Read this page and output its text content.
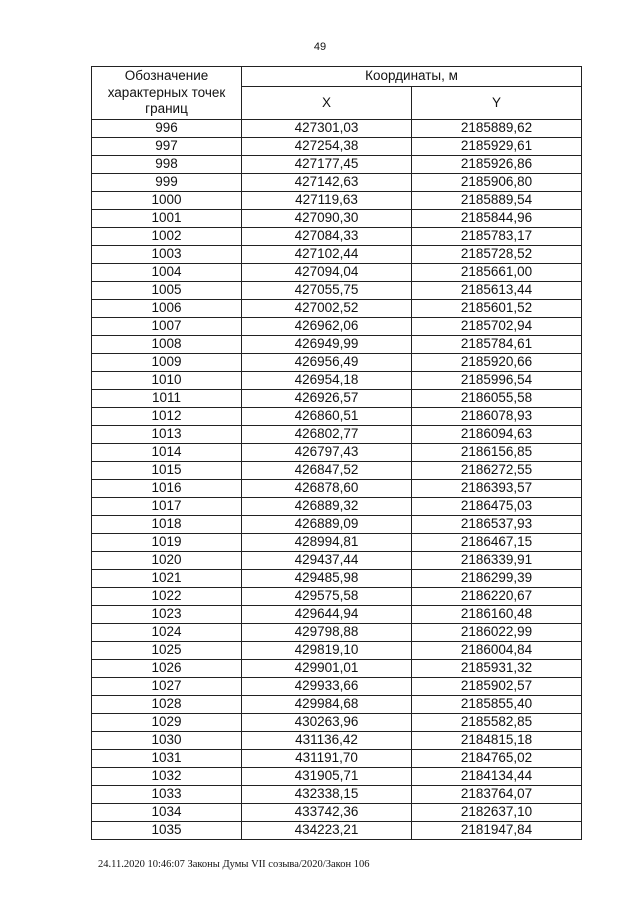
49
Обозначение характерных точек границ	Координаты, м	
	X	Y
996	427301,03	2185889,62
997	427254,38	2185929,61
998	427177,45	2185926,86
999	427142,63	2185906,80
1000	427119,63	2185889,54
1001	427090,30	2185844,96
1002	427084,33	2185783,17
1003	427102,44	2185728,52
1004	427094,04	2185661,00
1005	427055,75	2185613,44
1006	427002,52	2185601,52
1007	426962,06	2185702,94
1008	426949,99	2185784,61
1009	426956,49	2185920,66
1010	426954,18	2185996,54
1011	426926,57	2186055,58
1012	426860,51	2186078,93
1013	426802,77	2186094,63
1014	426797,43	2186156,85
1015	426847,52	2186272,55
1016	426878,60	2186393,57
1017	426889,32	2186475,03
1018	426889,09	2186537,93
1019	428994,81	2186467,15
1020	429437,44	2186339,91
1021	429485,98	2186299,39
1022	429575,58	2186220,67
1023	429644,94	2186160,48
1024	429798,88	2186022,99
1025	429819,10	2186004,84
1026	429901,01	2185931,32
1027	429933,66	2185902,57
1028	429984,68	2185855,40
1029	430263,96	2185582,85
1030	431136,42	2184815,18
1031	431191,70	2184765,02
1032	431905,71	2184134,44
1033	432338,15	2183764,07
1034	433742,36	2182637,10
1035	434223,21	2181947,84
24.11.2020 10:46:07 Законы Думы VII созыва/2020/Закон 106
